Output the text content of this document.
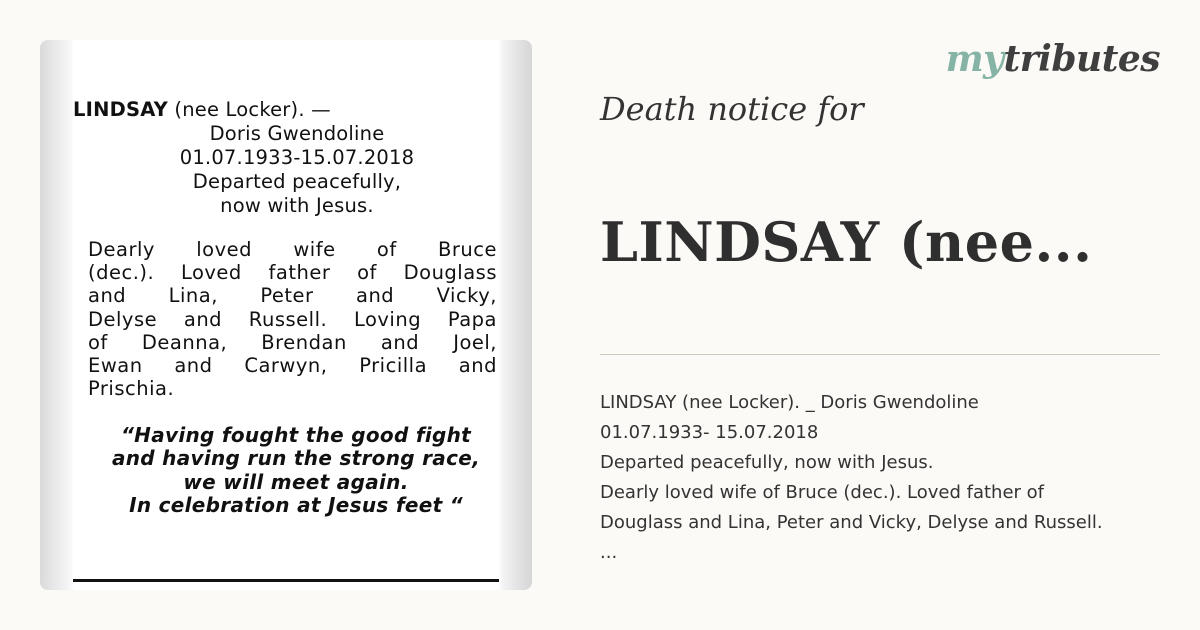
LINDSAY (nee Locker). —
Doris Gwendoline
01.07.1933-15.07.2018
Departed peacefully,
now with Jesus.
Dearly loved wife of Bruce
(dec.). Loved father of Douglass
and Lina, Peter and Vicky,
Delyse and Russell. Loving Papa
of Deanna, Brendan and Joel,
Ewan and Carwyn, Pricilla and
Prischia.
“Having fought the good fight
and having run the strong race,
we will meet again.
In celebration at Jesus feet “
mytributes
Death notice for
LINDSAY (nee...
LINDSAY (nee Locker). _ Doris Gwendoline
01.07.1933- 15.07.2018
Departed peacefully, now with Jesus.
Dearly loved wife of Bruce (dec.). Loved father of
Douglass and Lina, Peter and Vicky, Delyse and Russell.
...
